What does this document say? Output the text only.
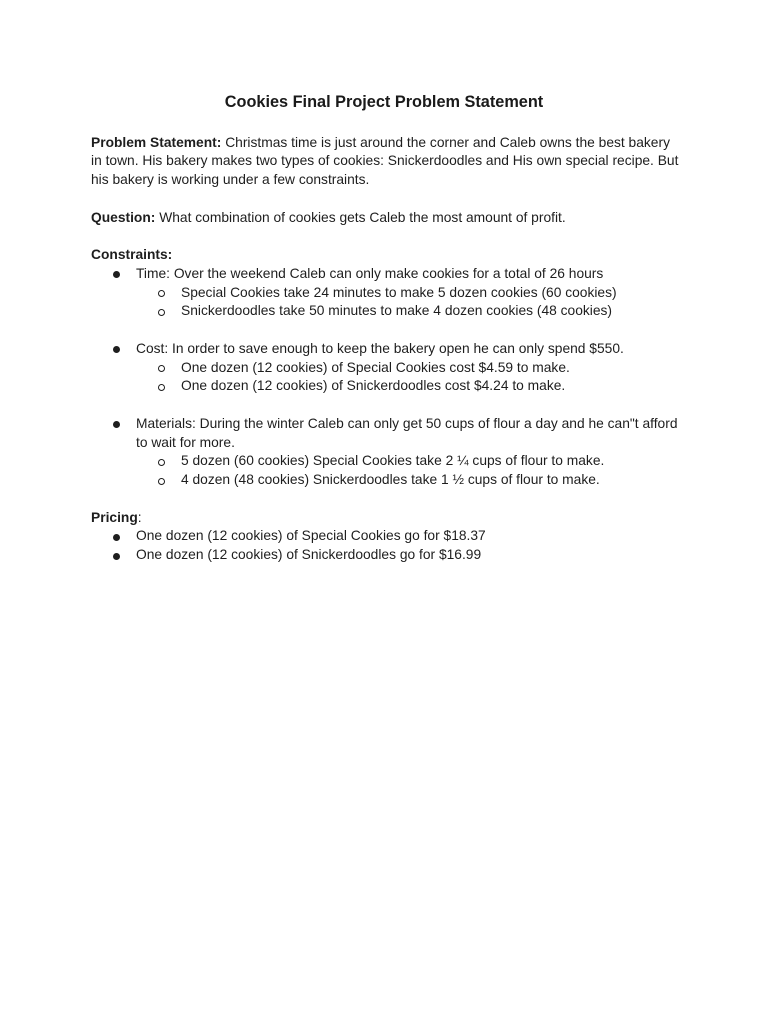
Cookies Final Project Problem Statement

Problem Statement: Christmas time is just around the corner and Caleb owns the best bakery in town. His bakery makes two types of cookies: Snickerdoodles and His own special recipe. But his bakery is working under a few constraints.

Question: What combination of cookies gets Caleb the most amount of profit.

Constraints:

Time: Over the weekend Caleb can only make cookies for a total of 26 hours
Special Cookies take 24 minutes to make 5 dozen cookies (60 cookies)
Snickerdoodles take 50 minutes to make 4 dozen cookies (48 cookies)
Cost: In order to save enough to keep the bakery open he can only spend $550.
One dozen (12 cookies) of Special Cookies cost $4.59 to make.
One dozen (12 cookies) of Snickerdoodles cost $4.24 to make.
Materials: During the winter Caleb can only get 50 cups of flour a day and he can"t afford to wait for more.
5 dozen (60 cookies) Special Cookies take 2 ¼ cups of flour to make.
4 dozen (48 cookies) Snickerdoodles take 1 ½ cups of flour to make.

Pricing:

One dozen (12 cookies) of Special Cookies go for $18.37
One dozen (12 cookies) of Snickerdoodles go for $16.99
